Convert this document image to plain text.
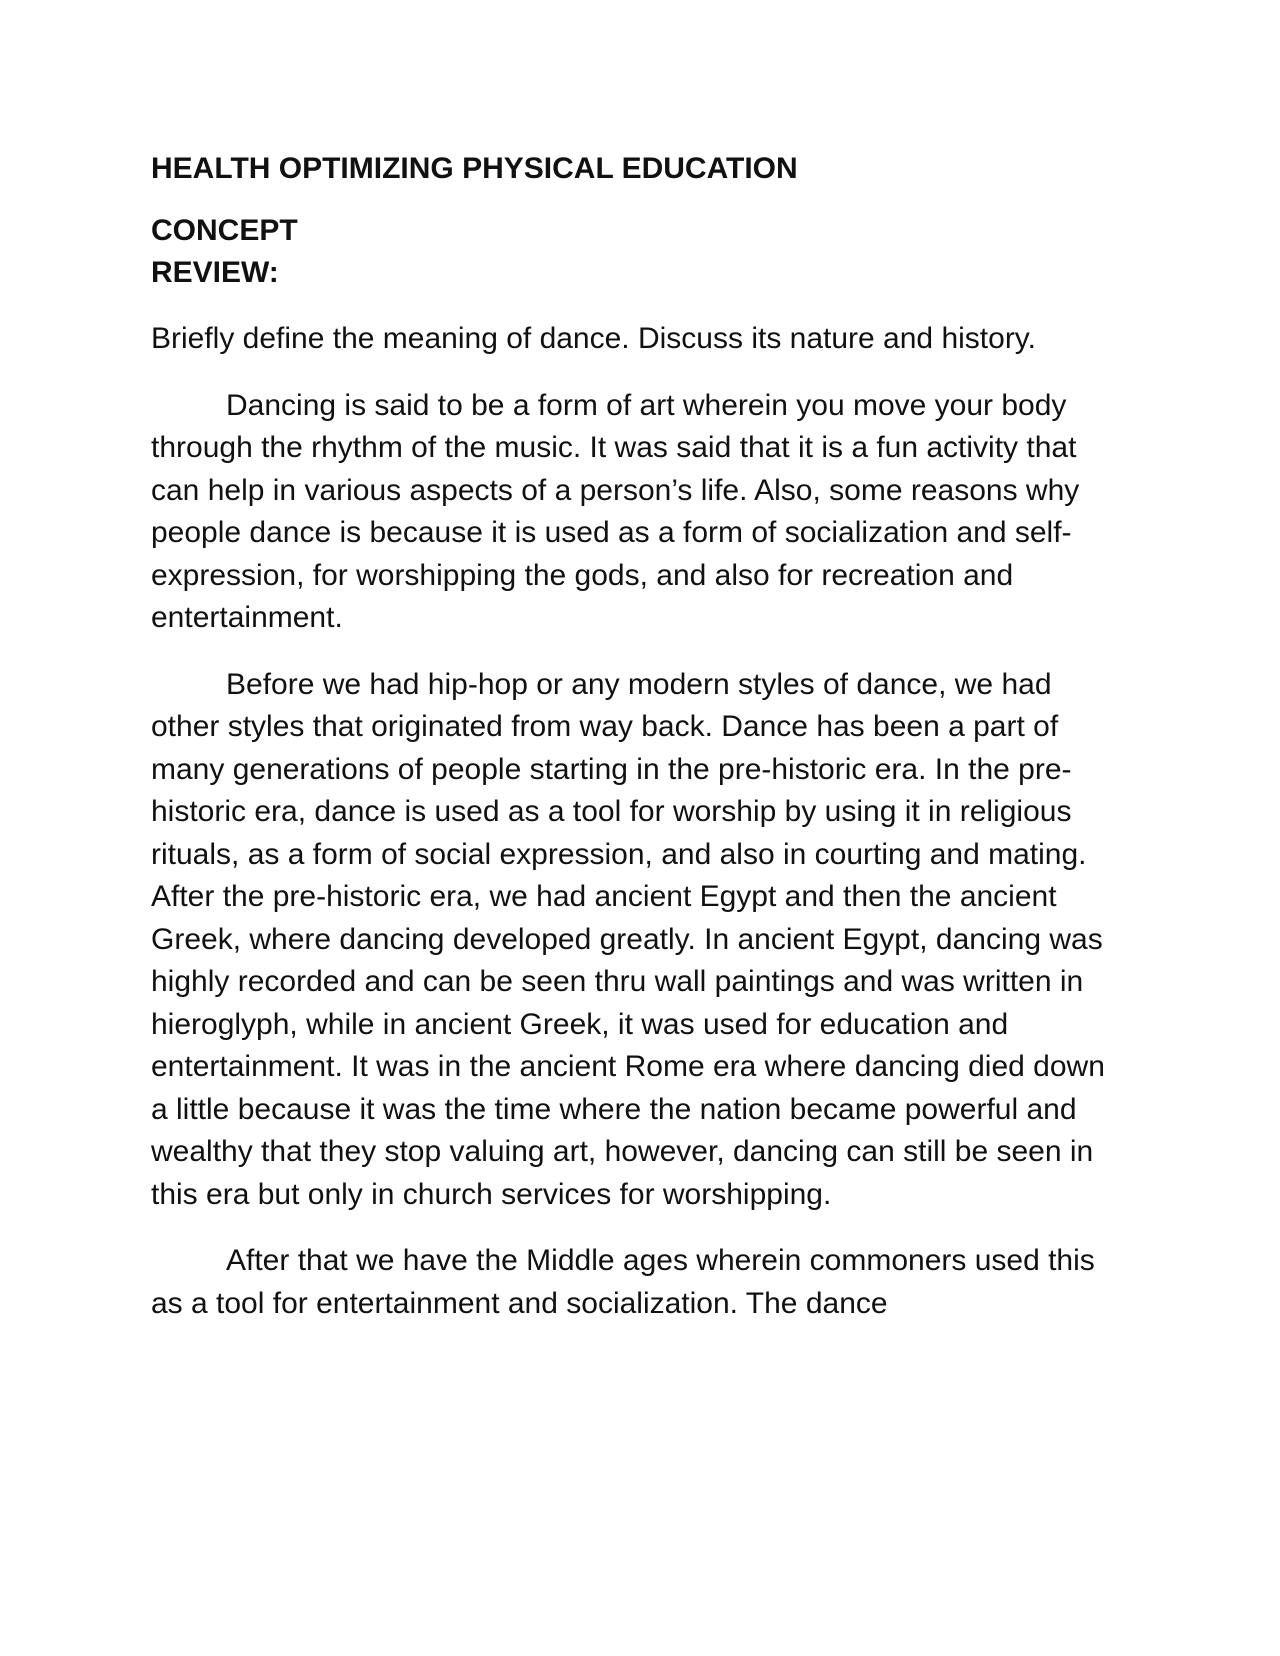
HEALTH OPTIMIZING PHYSICAL EDUCATION
CONCEPT
REVIEW:

Briefly define the meaning of dance. Discuss its nature and history.

Dancing is said to be a form of art wherein you move your body through the rhythm of the music. It was said that it is a fun activity that can help in various aspects of a person’s life. Also, some reasons why people dance is because it is used as a form of socialization and self-expression, for worshipping the gods, and also for recreation and entertainment.

Before we had hip-hop or any modern styles of dance, we had other styles that originated from way back. Dance has been a part of many generations of people starting in the pre-historic era. In the pre-historic era, dance is used as a tool for worship by using it in religious rituals, as a form of social expression, and also in courting and mating. After the pre-historic era, we had ancient Egypt and then the ancient Greek, where dancing developed greatly. In ancient Egypt, dancing was highly recorded and can be seen thru wall paintings and was written in hieroglyph, while in ancient Greek, it was used for education and entertainment. It was in the ancient Rome era where dancing died down a little because it was the time where the nation became powerful and wealthy that they stop valuing art, however, dancing can still be seen in this era but only in church services for worshipping.

After that we have the Middle ages wherein commoners used this as a tool for entertainment and socialization. The dance
